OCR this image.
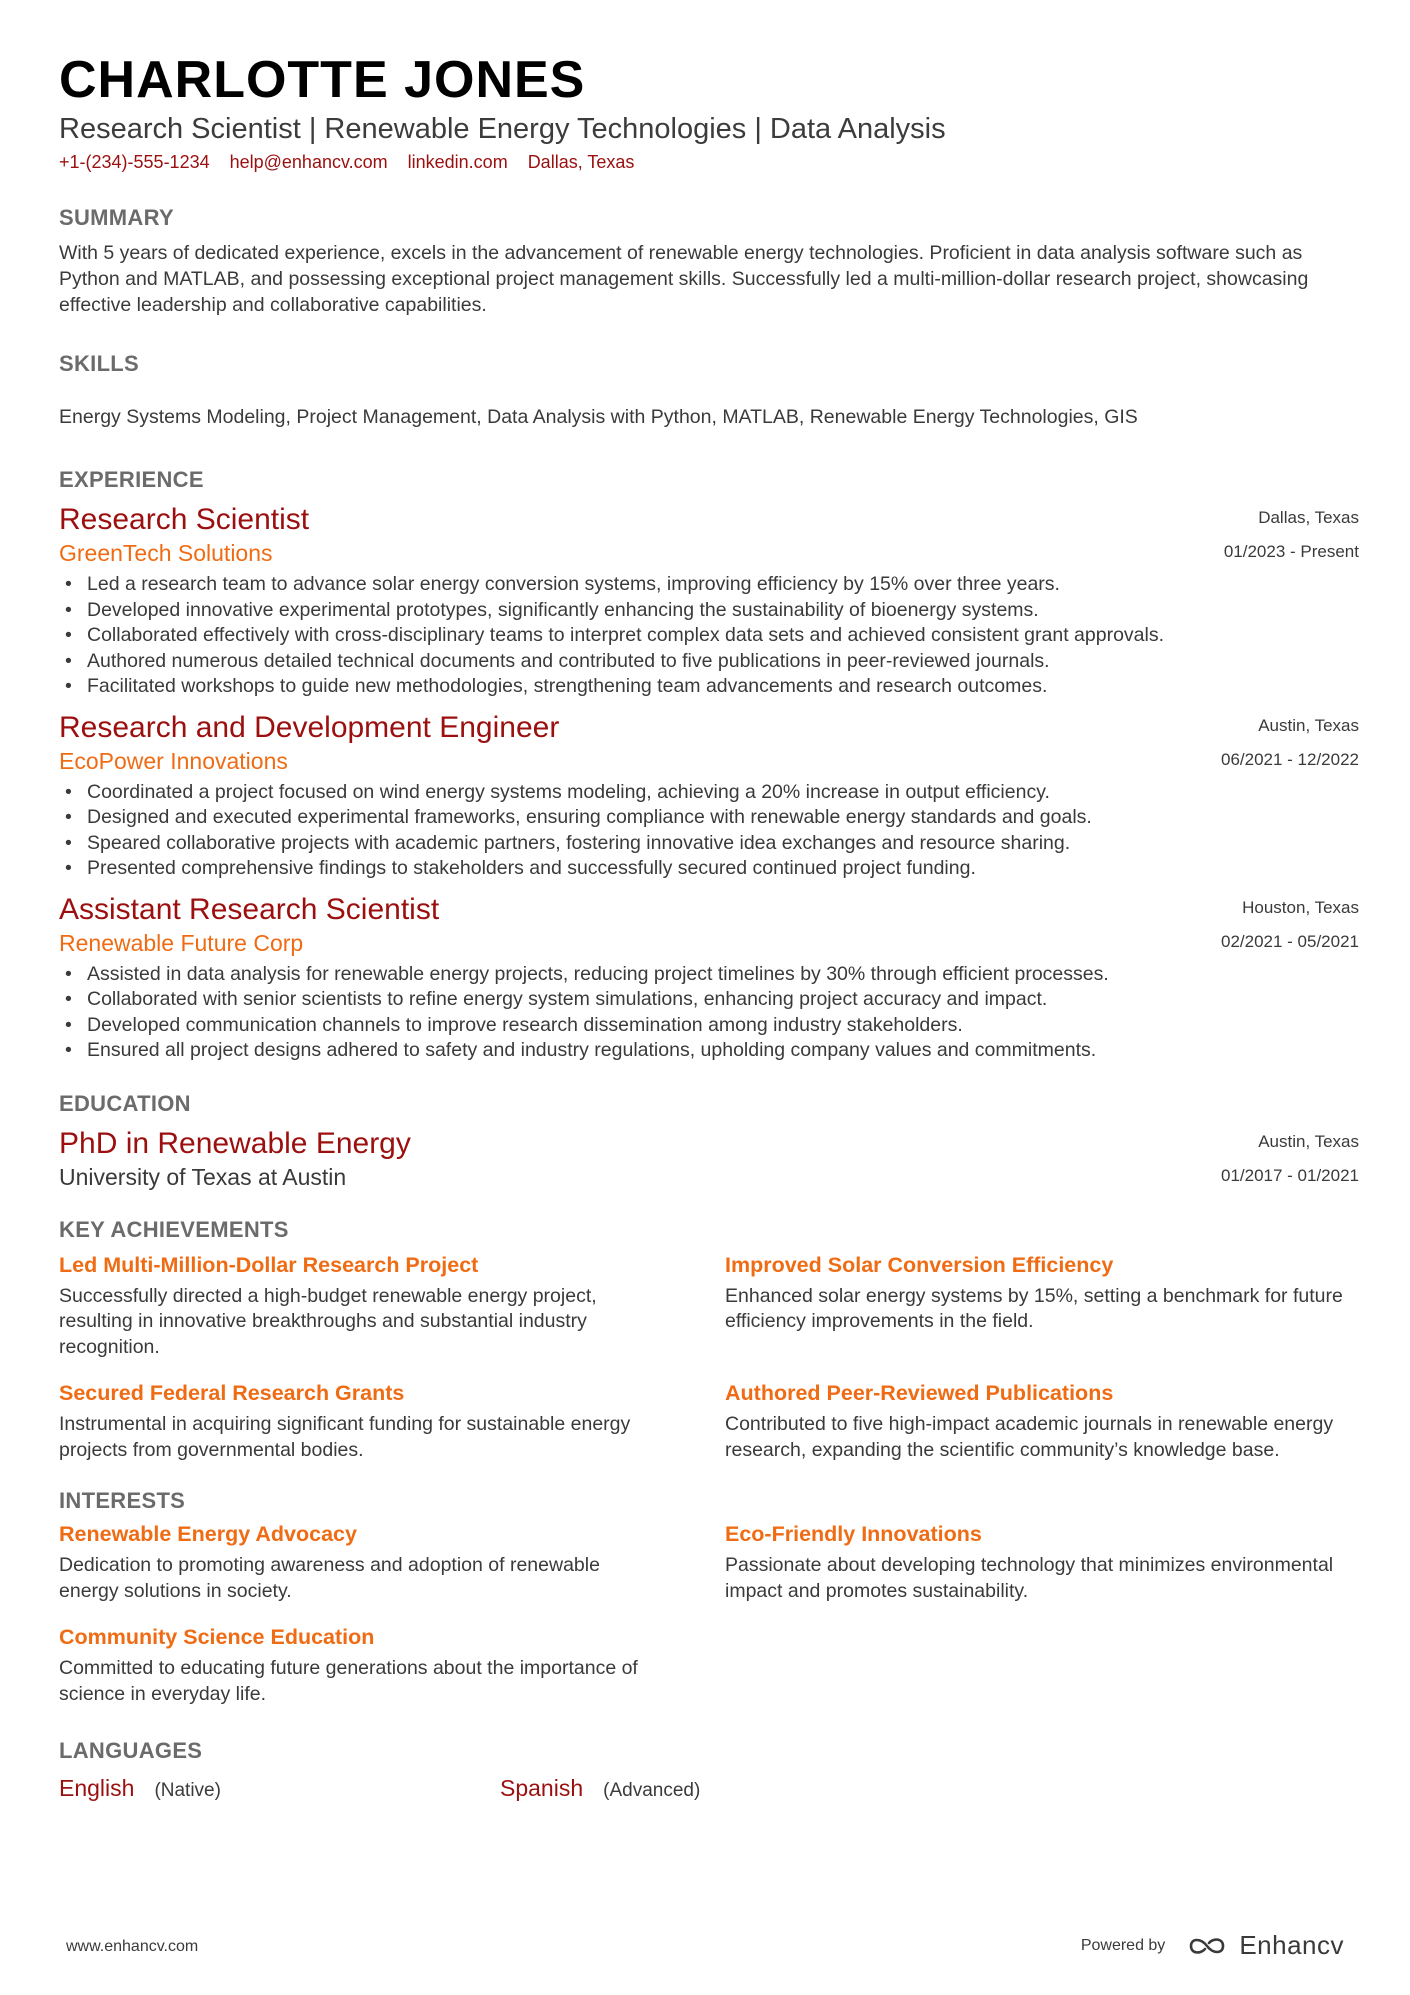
CHARLOTTE JONES
Research Scientist | Renewable Energy Technologies | Data Analysis
+1-(234)-555-1234 help@enhancv.com linkedin.com Dallas, Texas
SUMMARY
With 5 years of dedicated experience, excels in the advancement of renewable energy technologies. Proficient in data analysis software such as Python and MATLAB, and possessing exceptional project management skills. Successfully led a multi-million-dollar research project, showcasing effective leadership and collaborative capabilities.
SKILLS
Energy Systems Modeling, Project Management, Data Analysis with Python, MATLAB, Renewable Energy Technologies, GIS
EXPERIENCE
Dallas, Texas
01/2023 - Present
Research Scientist
GreenTech Solutions
• Led a research team to advance solar energy conversion systems, improving efficiency by 15% over three years.
• Developed innovative experimental prototypes, significantly enhancing the sustainability of bioenergy systems.
• Collaborated effectively with cross-disciplinary teams to interpret complex data sets and achieved consistent grant approvals.
• Authored numerous detailed technical documents and contributed to five publications in peer-reviewed journals.
• Facilitated workshops to guide new methodologies, strengthening team advancements and research outcomes.
Austin, Texas
06/2021 - 12/2022
Research and Development Engineer
EcoPower Innovations
• Coordinated a project focused on wind energy systems modeling, achieving a 20% increase in output efficiency.
• Designed and executed experimental frameworks, ensuring compliance with renewable energy standards and goals.
• Speared collaborative projects with academic partners, fostering innovative idea exchanges and resource sharing.
• Presented comprehensive findings to stakeholders and successfully secured continued project funding.
Houston, Texas
02/2021 - 05/2021
Assistant Research Scientist
Renewable Future Corp
• Assisted in data analysis for renewable energy projects, reducing project timelines by 30% through efficient processes.
• Collaborated with senior scientists to refine energy system simulations, enhancing project accuracy and impact.
• Developed communication channels to improve research dissemination among industry stakeholders.
• Ensured all project designs adhered to safety and industry regulations, upholding company values and commitments.
EDUCATION
Austin, Texas
01/2017 - 01/2021
PhD in Renewable Energy
University of Texas at Austin
KEY ACHIEVEMENTS
Led Multi-Million-Dollar Research Project
Successfully directed a high-budget renewable energy project, resulting in innovative breakthroughs and substantial industry recognition.
Improved Solar Conversion Efficiency
Enhanced solar energy systems by 15%, setting a benchmark for future efficiency improvements in the field.
Secured Federal Research Grants
Instrumental in acquiring significant funding for sustainable energy projects from governmental bodies.
Authored Peer-Reviewed Publications
Contributed to five high-impact academic journals in renewable energy research, expanding the scientific community’s knowledge base.
INTERESTS
Renewable Energy Advocacy
Dedication to promoting awareness and adoption of renewable energy solutions in society.
Eco-Friendly Innovations
Passionate about developing technology that minimizes environmental impact and promotes sustainability.
Community Science Education
Committed to educating future generations about the importance of science in everyday life.
LANGUAGES
English (Native)	Spanish (Advanced)
www.enhancv.com	Powered by	Enhancv
